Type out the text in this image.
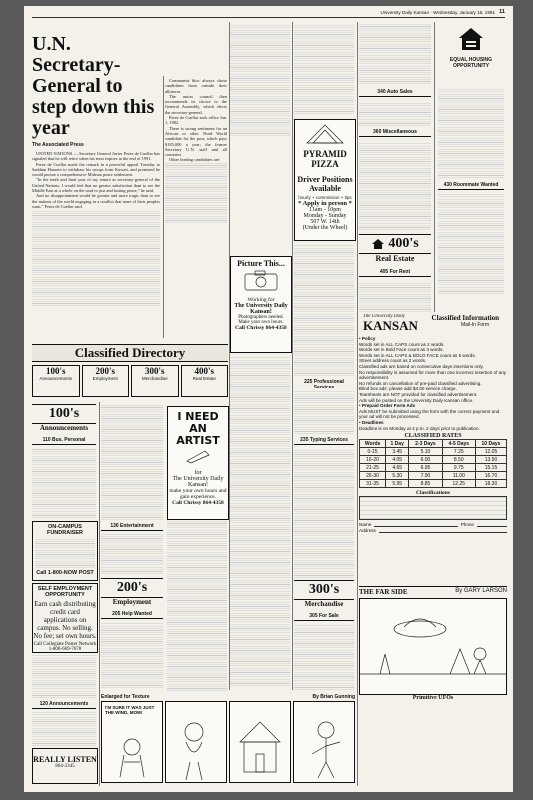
University Daily Kansan · Wednesday, January 16, 1991 11
U.N. Secretary-General to step down this year
The Associated Press

UNITED NATIONS — Secretary General Javier Perez de Cuellar has signaled that he will retire when his term expires at the end of 1991.

Perez de Cuellar made the remark in a powerful appeal Tuesday to Saddam Hussein to withdraw his troops from Kuwait, and promised he would pursue a comprehensive Mideast peace settlement.

"In the tenth and final year of my tenure as secretary-general of the United Nations, I would feel that no greater satisfaction than to see the Middle East at a whole on the road to just and lasting peace," he said.

And no disappointment would be greater and more tragic than to see the nations of the world engaging in a conflict that none of their peoples want," Perez de Cuellar said.

Communist bloc always chose candidates from outside their alliances.

The union council then recommends its choice to the General Assembly, which elects the secretary-general.

Perez de Cuellar took office Jan. 1, 1982.

There is strong sentiment for an African or other Third World candidate for the post, which pays $185,000 a year; the former Secretary U.N. staff and all countries.

Other leading candidates are:

PYRAMID PIZZA
Driver Positions Available
hourly + commission + tips
* Apply in person *
11am - 10pm
Monday - Sunday
507 W. 14th
(Under the Wheel)
Picture This...
Working for
The University Daily Kansan!
Photographers needed.
Make your own hours.
Call Chrissy 864-4358
340 Auto Sales
360 Miscellaneous
EQUAL HOUSING OPPORTUNITY
430 Roommate Wanted
400's
Real Estate
405 For Rent
Classified Information
Mail-In Form
The University Daily
KANSAN
• Policy
Words set in ALL CAPS count as 2 words.
Words set in Bold Face count as 3 words.
Words set in ALL CAPS & BOLD FACE count as 5 words.
Street address count as 2 words.
Classified ads are based on consecutive days insertions only.
No responsibility is assumed for more than one incorrect insertion of any advertisement.
No refunds on cancellation of pre-paid classified advertising.
Blind box ads: please add $4.00 service charge.
Tearsheets are NOT provided for classified advertisement.
Ads will be posted on the University Daily Kansan office.
• Prepaid Order Form Ads
Ads MUST be submitted using the form with the correct payment and your ad will not be processed.
• Deadlines
Deadline is on Monday at 4 p.m. 2 days prior to publication.
CLASSIFIED RATES
Words	1 Day	2-3 Days	4-5 Days	10 Days
0-15	3.45	5.10	7.25	12.05
16-20	4.05	6.00	8.50	13.50
21-25	4.65	6.95	9.75	15.15
26-30	5.30	7.90	11.00	16.70
31-35	5.95	8.85	12.25	18.30
Classifications
Name	Phone
Address
THE FAR SIDE	By GARY LARSON
Primitive UFOs
Classified Directory
100's
Announcements
200's
Employment
300's
Merchandise
400's
Real Estate
100's
Announcements
110 Bus. Personal
ON-CAMPUS FUNDRAISER
Call 1-800-NOW POST
SELF EMPLOYMENT OPPORTUNITY
Earn cash distributing credit card applications on campus. No selling. No fee; set own hours.
Call Collegiate Poster Network 1-800-669-7678
120 Announcements
REALLY LISTEN
864-2345
130 Entertainment
200's
Employment
205 Help Wanted
I NEED AN ARTIST
for
The University Daily Kansan!
make your own hours and gain experience.
Call Chrissy 864-4358
225 Professional Services
235 Typing Services
300's
Merchandise
305 For Sale
Enlarged for Texture	By Brian Gunning
I'M SURE IT WAS JUST THE WIND, MOM!
